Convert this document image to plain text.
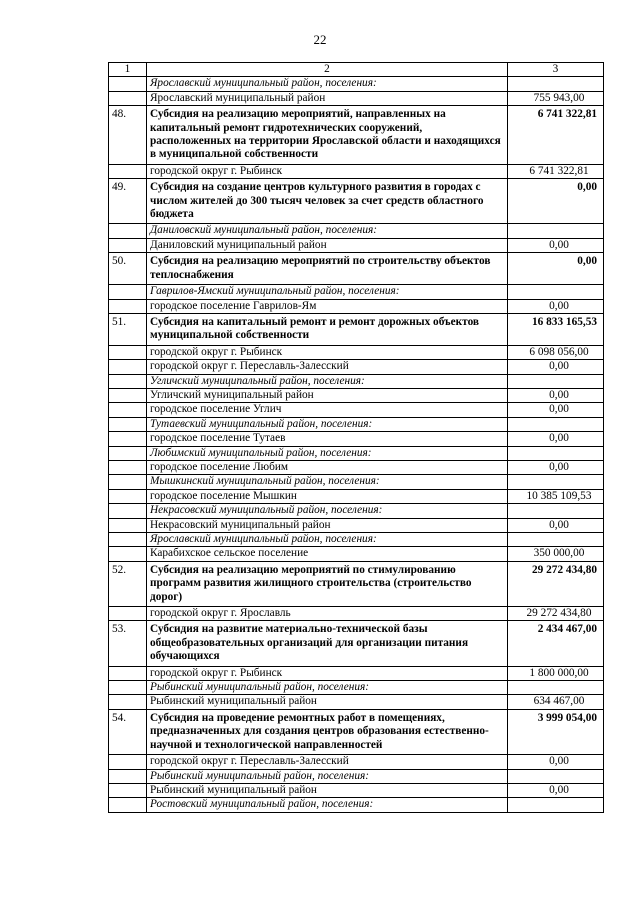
22
1	2	3
	Ярославский муниципальный район, поселения:	
	Ярославский муниципальный район	755 943,00
48.	Субсидия на реализацию мероприятий, направленных на капитальный ремонт гидротехнических сооружений, расположенных на территории Ярославской области и находящихся в муниципальной собственности	6 741 322,81
	городской округ г. Рыбинск	6 741 322,81
49.	Субсидия на создание центров культурного развития в городах с числом жителей до 300 тысяч человек за счет средств областного бюджета	0,00
	Даниловский муниципальный район, поселения:	
	Даниловский муниципальный район	0,00
50.	Субсидия на реализацию мероприятий по строительству объектов теплоснабжения	0,00
	Гаврилов-Ямский муниципальный район, поселения:	
	городское поселение Гаврилов-Ям	0,00
51.	Субсидия на капитальный ремонт и ремонт дорожных объектов муниципальной собственности	16 833 165,53
	городской округ г. Рыбинск	6 098 056,00
	городской округ г. Переславль-Залесский	0,00
	Угличский муниципальный район, поселения:	
	Угличский муниципальный район	0,00
	городское поселение Углич	0,00
	Тутаевский муниципальный район, поселения:	
	городское поселение Тутаев	0,00
	Любимский муниципальный район, поселения:	
	городское поселение Любим	0,00
	Мышкинский муниципальный район, поселения:	
	городское поселение Мышкин	10 385 109,53
	Некрасовский муниципальный район, поселения:	
	Некрасовский муниципальный район	0,00
	Ярославский муниципальный район, поселения:	
	Карабихское сельское поселение	350 000,00
52.	Субсидия на реализацию мероприятий по стимулированию программ развития жилищного строительства (строительство дорог)	29 272 434,80
	городской округ г. Ярославль	29 272 434,80
53.	Субсидия на развитие материально-технической базы общеобразовательных организаций для организации питания обучающихся	2 434 467,00
	городской округ г. Рыбинск	1 800 000,00
	Рыбинский муниципальный район, поселения:	
	Рыбинский муниципальный район	634 467,00
54.	Субсидия на проведение ремонтных работ в помещениях, предназначенных для создания центров образования естественно-научной и технологической направленностей	3 999 054,00
	городской округ г. Переславль-Залесский	0,00
	Рыбинский муниципальный район, поселения:	
	Рыбинский муниципальный район	0,00
	Ростовский муниципальный район, поселения:	
